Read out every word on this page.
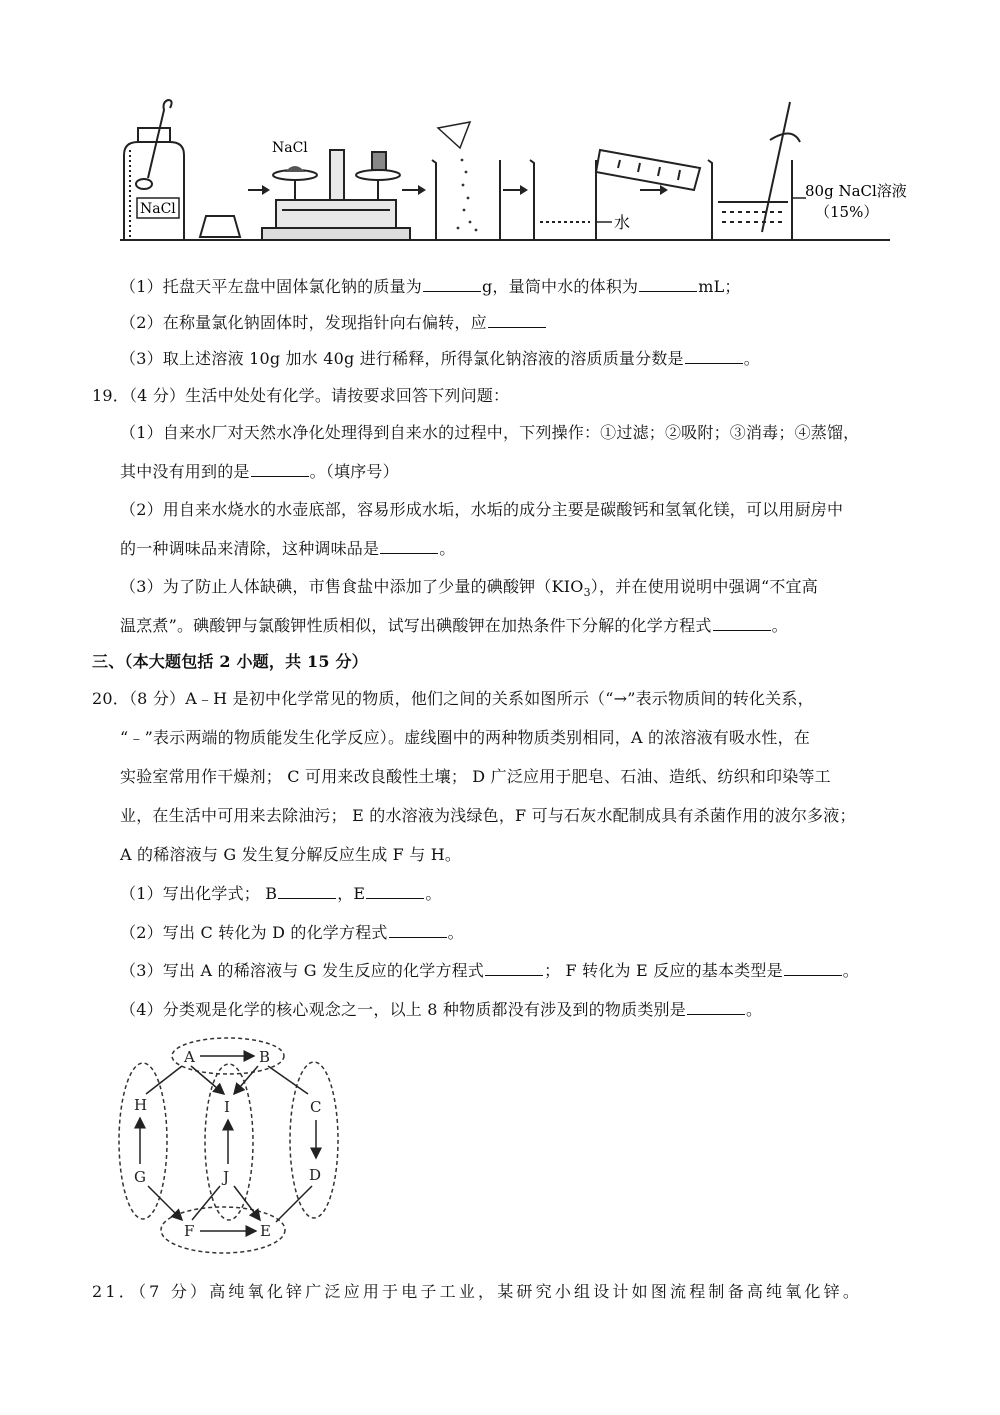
NaCl
NaCl
水
80g NaCl溶液
（15%）
（1）托盘天平左盘中固体氯化钠的质量为	g，量筒中水的体积为	mL；
（2）在称量氯化钠固体时，发现指针向右偏转，应
（3）取上述溶液 10g 加水 40g 进行稀释，所得氯化钠溶液的溶质质量分数是	。
19．（4 分）生活中处处有化学。请按要求回答下列问题：
（1）自来水厂对天然水净化处理得到自来水的过程中，下列操作：①过滤；②吸附；③消毒；④蒸馏，
其中没有用到的是	。（填序号）
（2）用自来水烧水的水壶底部，容易形成水垢，水垢的成分主要是碳酸钙和氢氧化镁，可以用厨房中
的一种调味品来清除，这种调味品是	。
（3）为了防止人体缺碘，市售食盐中添加了少量的碘酸钾$(KIO_3)$，并在使用说明中强调“不宜高
温烹煮”。碘酸钾与氯酸钾性质相似，试写出碘酸钾在加热条件下分解的化学方程式	。
三、（本大题包括 2 小题，共 15 分）
20．（8 分）A﹣H 是初中化学常见的物质，他们之间的关系如图所示（“→”表示物质间的转化关系，
“﹣”表示两端的物质能发生化学反应）。虚线圈中的两种物质类别相同，A 的浓溶液有吸水性，在
实验室常用作干燥剂； C 可用来改良酸性土壤； D 广泛应用于肥皂、石油、造纸、纺织和印染等工
业，在生活中可用来去除油污； E 的水溶液为浅绿色，F 可与石灰水配制成具有杀菌作用的波尔多液；
A 的稀溶液与 G 发生复分解反应生成 F 与 H。
（1）写出化学式； B	，E	。
（2）写出 C 转化为 D 的化学方程式	。
（3）写出 A 的稀溶液与 G 发生反应的化学方程式	； F 转化为 E 反应的基本类型是	。
（4）分类观是化学的核心观念之一，以上 8 种物质都没有涉及到的物质类别是	。
A	B
H	I	C
G	J	D
F	E
21．（7 分）高纯氧化锌广泛应用于电子工业，某研究小组设计如图流程制备高纯氧化锌。
